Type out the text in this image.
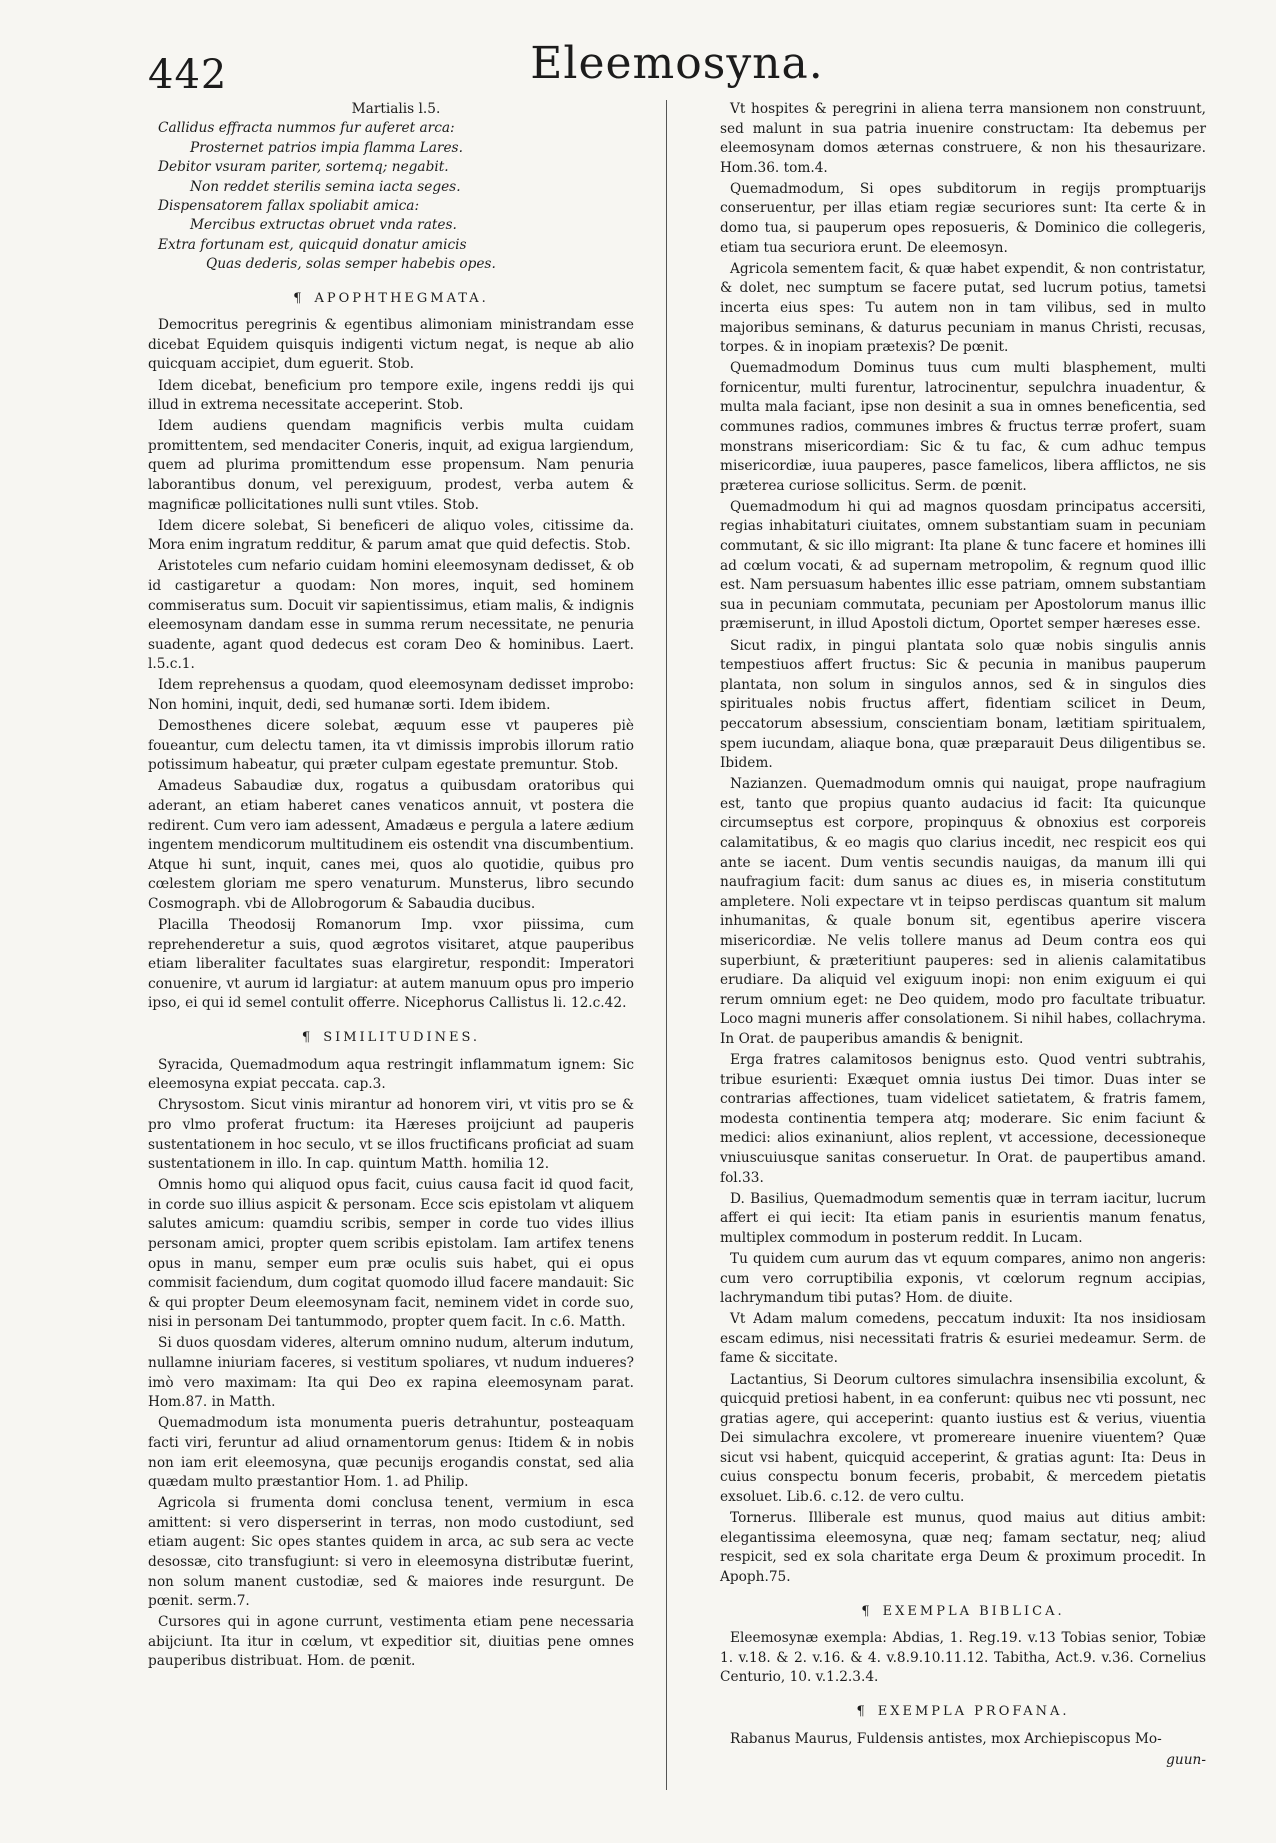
442	Eleemosyna.

Martialis l.5.

Callidus effracta nummos fur auferet arca:

Prosternet patrios impia flamma Lares.

Debitor vsuram pariter, sortemq; negabit.

Non reddet sterilis semina iacta seges.

Dispensatorem fallax spoliabit amica:

Mercibus extructas obruet vnda rates.

Extra fortunam est, quicquid donatur amicis

Quas dederis, solas semper habebis opes.

¶ APOPHTHEGMATA.

Democritus peregrinis & egentibus alimoniam ministrandam esse dicebat Equidem quisquis indigenti victum negat, is neque ab alio quicquam accipiet, dum eguerit. Stob.

Idem dicebat, beneficium pro tempore exile, ingens reddi ijs qui illud in extrema necessitate acceperint. Stob.

Idem audiens quendam magnificis verbis multa cuidam promittentem, sed mendaciter Coneris, inquit, ad exigua largiendum, quem ad plurima promittendum esse propensum. Nam penuria laborantibus donum, vel perexiguum, prodest, verba autem & magnificæ pollicitationes nulli sunt vtiles. Stob.

Idem dicere solebat, Si beneficeri de aliquo voles, citissime da. Mora enim ingratum redditur, & parum amat que quid defectis. Stob.

Aristoteles cum nefario cuidam homini eleemosynam dedisset, & ob id castigaretur a quodam: Non mores, inquit, sed hominem commiseratus sum. Docuit vir sapientissimus, etiam malis, & indignis eleemosynam dandam esse in summa rerum necessitate, ne penuria suadente, agant quod dedecus est coram Deo & hominibus. Laert. l.5.c.1.

Idem reprehensus a quodam, quod eleemosynam dedisset improbo: Non homini, inquit, dedi, sed humanæ sorti. Idem ibidem.

Demosthenes dicere solebat, æquum esse vt pauperes piè foueantur, cum delectu tamen, ita vt dimissis improbis illorum ratio potissimum habeatur, qui præter culpam egestate premuntur. Stob.

Amadeus Sabaudiæ dux, rogatus a quibusdam oratoribus qui aderant, an etiam haberet canes venaticos annuit, vt postera die redirent. Cum vero iam adessent, Amadæus e pergula a latere ædium ingentem mendicorum multitudinem eis ostendit vna discumbentium. Atque hi sunt, inquit, canes mei, quos alo quotidie, quibus pro cœlestem gloriam me spero venaturum. Munsterus, libro secundo Cosmograph. vbi de Allobrogorum & Sabaudia ducibus.

Placilla Theodosij Romanorum Imp. vxor piissima, cum reprehenderetur a suis, quod ægrotos visitaret, atque pauperibus etiam liberaliter facultates suas elargiretur, respondit: Imperatori conuenire, vt aurum id largiatur: at autem manuum opus pro imperio ipso, ei qui id semel contulit offerre. Nicephorus Callistus li. 12.c.42.

¶ SIMILITUDINES.

Syracida, Quemadmodum aqua restringit inflammatum ignem: Sic eleemosyna expiat peccata. cap.3.

Chrysostom. Sicut vinis mirantur ad honorem viri, vt vitis pro se & pro vlmo proferat fructum: ita Hæreses proijciunt ad pauperis sustentationem in hoc seculo, vt se illos fructificans proficiat ad suam sustentationem in illo. In cap. quintum Matth. homilia 12.

Omnis homo qui aliquod opus facit, cuius causa facit id quod facit, in corde suo illius aspicit & personam. Ecce scis epistolam vt aliquem salutes amicum: quamdiu scribis, semper in corde tuo vides illius personam amici, propter quem scribis epistolam. Iam artifex tenens opus in manu, semper eum præ oculis suis habet, qui ei opus commisit faciendum, dum cogitat quomodo illud facere mandauit: Sic & qui propter Deum eleemosynam facit, neminem videt in corde suo, nisi in personam Dei tantummodo, propter quem facit. In c.6. Matth.

Si duos quosdam videres, alterum omnino nudum, alterum indutum, nullamne iniuriam faceres, si vestitum spoliares, vt nudum indueres? imò vero maximam: Ita qui Deo ex rapina eleemosynam parat. Hom.87. in Matth.

Quemadmodum ista monumenta pueris detrahuntur, posteaquam facti viri, feruntur ad aliud ornamentorum genus: Itidem & in nobis non iam erit eleemosyna, quæ pecunijs erogandis constat, sed alia quædam multo præstantior Hom. 1. ad Philip.

Agricola si frumenta domi conclusa tenent, vermium in esca amittent: si vero disperserint in terras, non modo custodiunt, sed etiam augent: Sic opes stantes quidem in arca, ac sub sera ac vecte desossæ, cito transfugiunt: si vero in eleemosyna distributæ fuerint, non solum manent custodiæ, sed & maiores inde resurgunt. De pœnit. serm.7.

Cursores qui in agone currunt, vestimenta etiam pene necessaria abijciunt. Ita itur in cœlum, vt expeditior sit, diuitias pene omnes pauperibus distribuat. Hom. de pœnit.

Vt hospites & peregrini in aliena terra mansionem non construunt, sed malunt in sua patria inuenire constructam: Ita debemus per eleemosynam domos æternas construere, & non his thesaurizare. Hom.36. tom.4.

Quemadmodum, Si opes subditorum in regijs promptuarijs conseruentur, per illas etiam regiæ securiores sunt: Ita certe & in domo tua, si pauperum opes reposueris, & Dominico die collegeris, etiam tua securiora erunt. De eleemosyn.

Agricola sementem facit, & quæ habet expendit, & non contristatur, & dolet, nec sumptum se facere putat, sed lucrum potius, tametsi incerta eius spes: Tu autem non in tam vilibus, sed in multo majoribus seminans, & daturus pecuniam in manus Christi, recusas, torpes. & in inopiam prætexis? De pœnit.

Quemadmodum Dominus tuus cum multi blasphement, multi fornicentur, multi furentur, latrocinentur, sepulchra inuadentur, & multa mala faciant, ipse non desinit a sua in omnes beneficentia, sed communes radios, communes imbres & fructus terræ profert, suam monstrans misericordiam: Sic & tu fac, & cum adhuc tempus misericordiæ, iuua pauperes, pasce famelicos, libera afflictos, ne sis præterea curiose sollicitus. Serm. de pœnit.

Quemadmodum hi qui ad magnos quosdam principatus accersiti, regias inhabitaturi ciuitates, omnem substantiam suam in pecuniam commutant, & sic illo migrant: Ita plane & tunc facere et homines illi ad cœlum vocati, & ad supernam metropolim, & regnum quod illic est. Nam persuasum habentes illic esse patriam, omnem substantiam sua in pecuniam commutata, pecuniam per Apostolorum manus illic præmiserunt, in illud Apostoli dictum, Oportet semper hæreses esse.

Sicut radix, in pingui plantata solo quæ nobis singulis annis tempestiuos affert fructus: Sic & pecunia in manibus pauperum plantata, non solum in singulos annos, sed & in singulos dies spirituales nobis fructus affert, fidentiam scilicet in Deum, peccatorum absessium, conscientiam bonam, lætitiam spiritualem, spem iucundam, aliaque bona, quæ præparauit Deus diligentibus se. Ibidem.

Nazianzen. Quemadmodum omnis qui nauigat, prope naufragium est, tanto que propius quanto audacius id facit: Ita quicunque circumseptus est corpore, propinquus & obnoxius est corporeis calamitatibus, & eo magis quo clarius incedit, nec respicit eos qui ante se iacent. Dum ventis secundis nauigas, da manum illi qui naufragium facit: dum sanus ac diues es, in miseria constitutum ampletere. Noli expectare vt in teipso perdiscas quantum sit malum inhumanitas, & quale bonum sit, egentibus aperire viscera misericordiæ. Ne velis tollere manus ad Deum contra eos qui superbiunt, & præteritiunt pauperes: sed in alienis calamitatibus erudiare. Da aliquid vel exiguum inopi: non enim exiguum ei qui rerum omnium eget: ne Deo quidem, modo pro facultate tribuatur. Loco magni muneris affer consolationem. Si nihil habes, collachryma. In Orat. de pauperibus amandis & benignit.

Erga fratres calamitosos benignus esto. Quod ventri subtrahis, tribue esurienti: Exæquet omnia iustus Dei timor. Duas inter se contrarias affectiones, tuam videlicet satietatem, & fratris famem, modesta continentia tempera atq; moderare. Sic enim faciunt & medici: alios exinaniunt, alios replent, vt accessione, decessioneque vniuscuiusque sanitas conseruetur. In Orat. de paupertibus amand. fol.33.

D. Basilius, Quemadmodum sementis quæ in terram iacitur, lucrum affert ei qui iecit: Ita etiam panis in esurientis manum fenatus, multiplex commodum in posterum reddit. In Lucam.

Tu quidem cum aurum das vt equum compares, animo non angeris: cum vero corruptibilia exponis, vt cœlorum regnum accipias, lachrymandum tibi putas? Hom. de diuite.

Vt Adam malum comedens, peccatum induxit: Ita nos insidiosam escam edimus, nisi necessitati fratris & esuriei medeamur. Serm. de fame & siccitate.

Lactantius, Si Deorum cultores simulachra insensibilia excolunt, & quicquid pretiosi habent, in ea conferunt: quibus nec vti possunt, nec gratias agere, qui acceperint: quanto iustius est & verius, viuentia Dei simulachra excolere, vt promereare inuenire viuentem? Quæ sicut vsi habent, quicquid acceperint, & gratias agunt: Ita: Deus in cuius conspectu bonum feceris, probabit, & mercedem pietatis exsoluet. Lib.6. c.12. de vero cultu.

Tornerus. Illiberale est munus, quod maius aut ditius ambit: elegantissima eleemosyna, quæ neq; famam sectatur, neq; aliud respicit, sed ex sola charitate erga Deum & proximum procedit. In Apoph.75.

¶ EXEMPLA BIBLICA.

Eleemosynæ exempla: Abdias, 1. Reg.19. v.13 Tobias senior, Tobiæ 1. v.18. & 2. v.16. & 4. v.8.9.10.11.12. Tabitha, Act.9. v.36. Cornelius Centurio, 10. v.1.2.3.4.

¶ EXEMPLA PROFANA.

Rabanus Maurus, Fuldensis antistes, mox Archiepiscopus Mo-

guun-
